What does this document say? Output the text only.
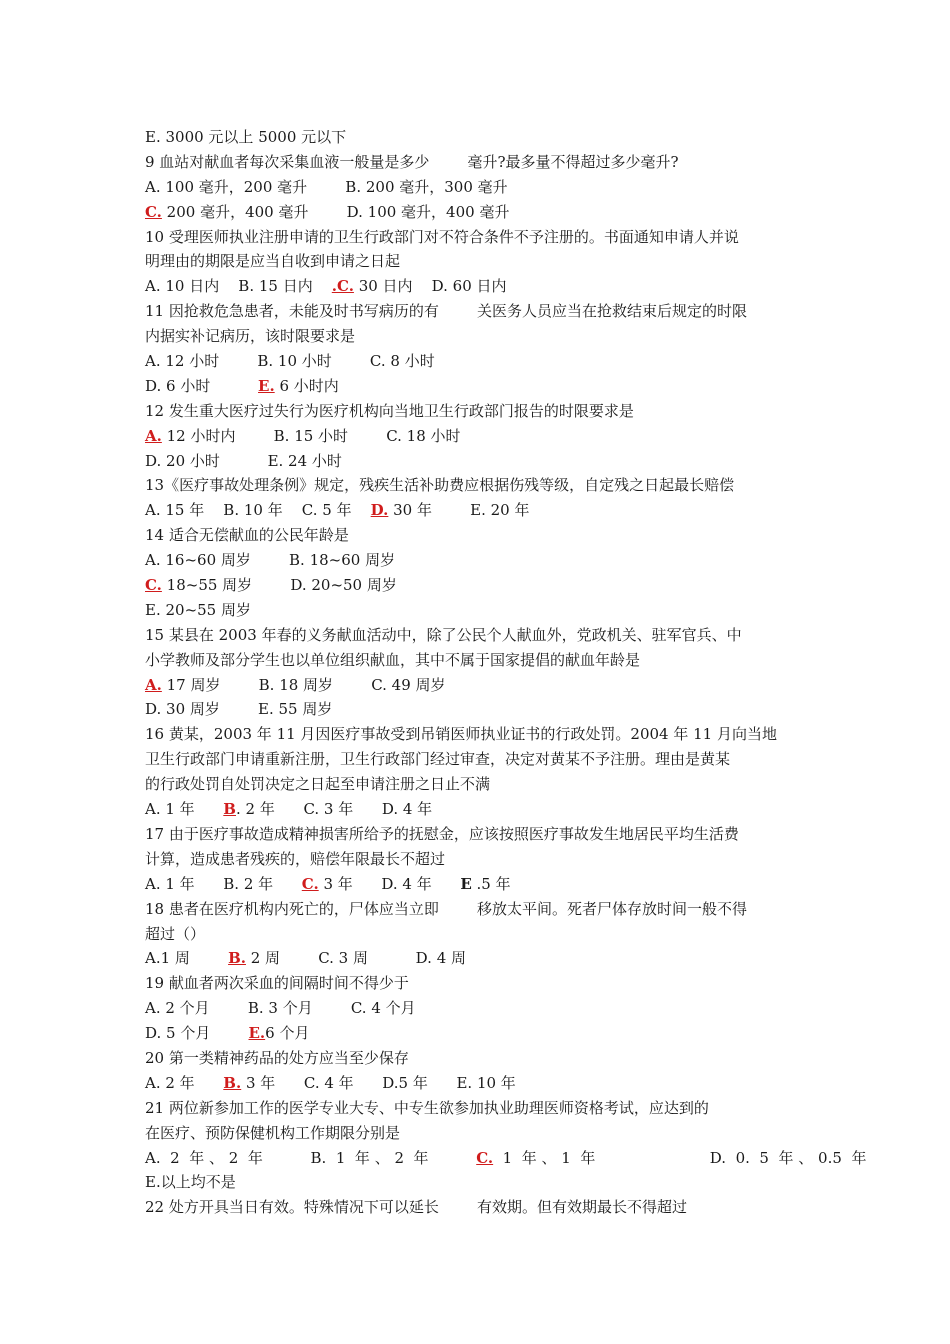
E. 3000 元以上 5000 元以下
9 血站对献血者每次采集血液一般量是多少        毫升?最多量不得超过多少毫升?
A. 100 毫升，200 毫升        B. 200 毫升，300 毫升
C. 200 毫升，400 毫升        D. 100 毫升，400 毫升
10 受理医师执业注册申请的卫生行政部门对不符合条件不予注册的。书面通知申请人并说
明理由的期限是应当自收到申请之日起
A. 10 日内    B. 15 日内    .C. 30 日内    D. 60 日内
11 因抢救危急患者，未能及时书写病历的有        关医务人员应当在抢救结束后规定的时限
内据实补记病历，该时限要求是
A. 12 小时        B. 10 小时        C. 8 小时
D. 6 小时          E. 6 小时内
12 发生重大医疗过失行为医疗机构向当地卫生行政部门报告的时限要求是
A. 12 小时内        B. 15 小时        C. 18 小时
D. 20 小时          E. 24 小时
13《医疗事故处理条例》规定，残疾生活补助费应根据伤残等级，自定残之日起最长赔偿
A. 15 年    B. 10 年    C. 5 年    D. 30 年        E. 20 年
14 适合无偿献血的公民年龄是
A. 16~60 周岁        B. 18~60 周岁
C. 18~55 周岁        D. 20~50 周岁
E. 20~55 周岁
15 某县在 2003 年春的义务献血活动中，除了公民个人献血外，党政机关、驻军官兵、中
小学教师及部分学生也以单位组织献血，其中不属于国家提倡的献血年龄是
A. 17 周岁        B. 18 周岁        C. 49 周岁
D. 30 周岁        E. 55 周岁
16 黄某，2003 年 11 月因医疗事故受到吊销医师执业证书的行政处罚。2004 年 11 月向当地
卫生行政部门申请重新注册，卫生行政部门经过审查，决定对黄某不予注册。理由是黄某
的行政处罚自处罚决定之日起至申请注册之日止不满
A. 1 年      B. 2 年      C. 3 年      D. 4 年
17 由于医疗事故造成精神损害所给予的抚慰金，应该按照医疗事故发生地居民平均生活费
计算，造成患者残疾的，赔偿年限最长不超过
A. 1 年      B. 2 年      C. 3 年      D. 4 年      E .5 年
18 患者在医疗机构内死亡的，尸体应当立即        移放太平间。死者尸体存放时间一般不得
超过（）
A.1 周        B. 2 周        C. 3 周          D. 4 周
19 献血者两次采血的间隔时间不得少于
A. 2 个月        B. 3 个月        C. 4 个月
D. 5 个月        E.6 个月
20 第一类精神药品的处方应当至少保存
A. 2 年      B. 3 年      C. 4 年      D.5 年      E. 10 年
21 两位新参加工作的医学专业大专、中专生欲参加执业助理医师资格考试，应达到的
在医疗、预防保健机构工作期限分别是
A.  2  年 、 2  年          B.  1  年 、 2  年          C.  1  年 、 1  年                        D.  0.  5  年 、 0.5  年
E.以上均不是
22 处方开具当日有效。特殊情况下可以延长        有效期。但有效期最长不得超过
